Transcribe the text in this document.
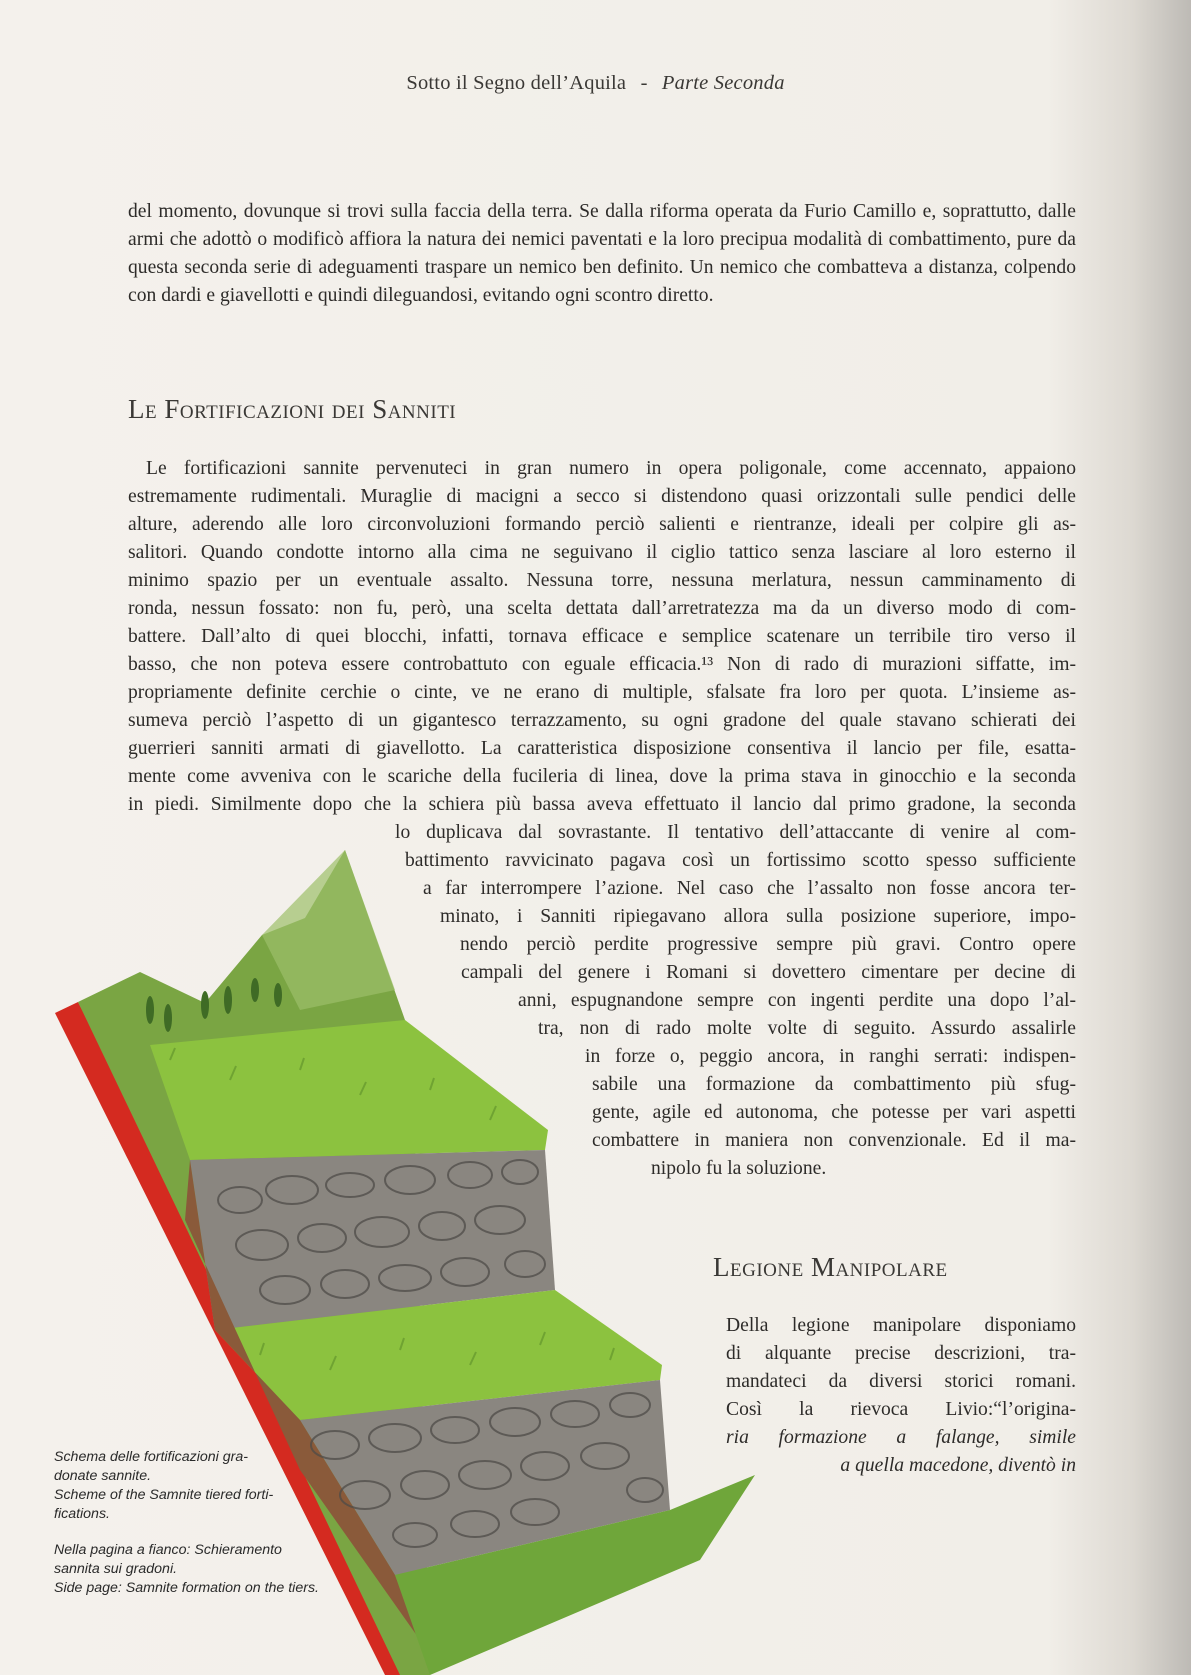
Sotto il Segno dell’Aquila - Parte Seconda

del momento, dovunque si trovi sulla faccia della terra. Se dalla riforma operata da Furio Camillo e, soprattutto, dalle armi che adottò o modificò affiora la natura dei nemici paventati e la loro precipua modalità di combattimento, pure da questa seconda serie di adeguamenti traspare un nemico ben definito. Un nemico che combatteva a distanza, colpendo con dardi e giavellotti e quindi dileguandosi, evitando ogni scontro diretto.

Le Fortificazioni dei Sanniti

Le fortificazioni sannite pervenuteci in gran numero in opera poligonale, come accennato, appaiono

estremamente rudimentali. Muraglie di macigni a secco si distendono quasi orizzontali sulle pendici delle

alture, aderendo alle loro circonvoluzioni formando perciò salienti e rientranze, ideali per colpire gli as-

salitori. Quando condotte intorno alla cima ne seguivano il ciglio tattico senza lasciare al loro esterno il

minimo spazio per un eventuale assalto. Nessuna torre, nessuna merlatura, nessun camminamento di

ronda, nessun fossato: non fu, però, una scelta dettata dall’arretratezza ma da un diverso modo di com-

battere. Dall’alto di quei blocchi, infatti, tornava efficace e semplice scatenare un terribile tiro verso il

basso, che non poteva essere controbattuto con eguale efficacia.¹³ Non di rado di murazioni siffatte, im-

propriamente definite cerchie o cinte, ve ne erano di multiple, sfalsate fra loro per quota. L’insieme as-

sumeva perciò l’aspetto di un gigantesco terrazzamento, su ogni gradone del quale stavano schierati dei

guerrieri sanniti armati di giavellotto. La caratteristica disposizione consentiva il lancio per file, esatta-

mente come avveniva con le scariche della fucileria di linea, dove la prima stava in ginocchio e la seconda

in piedi. Similmente dopo che la schiera più bassa aveva effettuato il lancio dal primo gradone, la seconda

lo duplicava dal sovrastante. Il tentativo dell’attaccante di venire al com-

battimento ravvicinato pagava così un fortissimo scotto spesso sufficiente

a far interrompere l’azione. Nel caso che l’assalto non fosse ancora ter-

minato, i Sanniti ripiegavano allora sulla posizione superiore, impo-

nendo perciò perdite progressive sempre più gravi. Contro opere

campali del genere i Romani si dovettero cimentare per decine di

anni, espugnandone sempre con ingenti perdite una dopo l’al-

tra, non di rado molte volte di seguito. Assurdo assalirle

in forze o, peggio ancora, in ranghi serrati: indispen-

sabile una formazione da combattimento più sfug-

gente, agile ed autonoma, che potesse per vari aspetti

combattere in maniera non convenzionale. Ed il ma-

nipolo fu la soluzione.

Legione Manipolare

Della legione manipolare disponiamo

di alquante precise descrizioni, tra-

mandateci da diversi storici romani.

Così la rievoca Livio:“l’origina-

ria formazione a falange, simile

a quella macedone, diventò in

Schema delle fortificazioni gra-

donate sannite.

Scheme of the Samnite tiered forti-

fications.

Nella pagina a fianco: Schieramento

sannita sui gradoni.

Side page: Samnite formation on the tiers.
